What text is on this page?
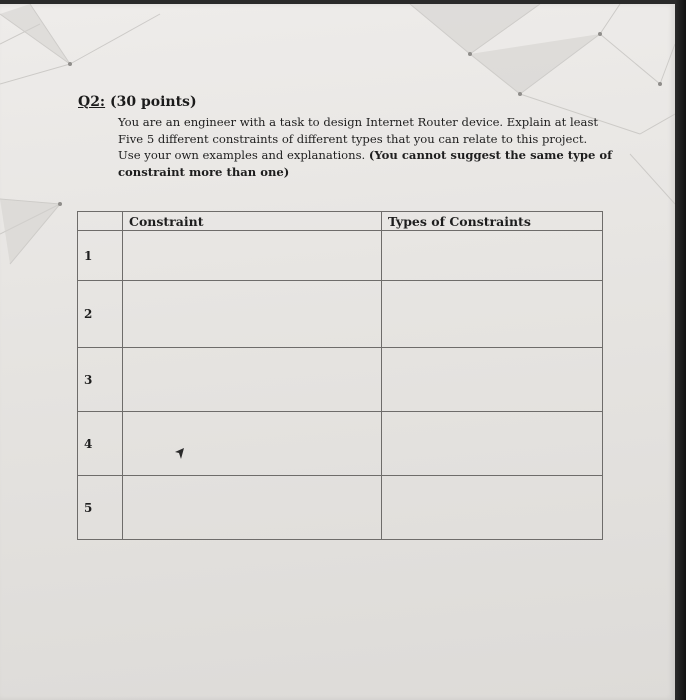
Q2: (30 points)
You are an engineer with a task to design Internet Router device. Explain at least
Five 5 different constraints of different types that you can relate to this project.
Use your own examples and explanations. (You cannot suggest the same type of
constraint more than one)
	Constraint	Types of Constraints
1		
2		
3		
4		
5		
